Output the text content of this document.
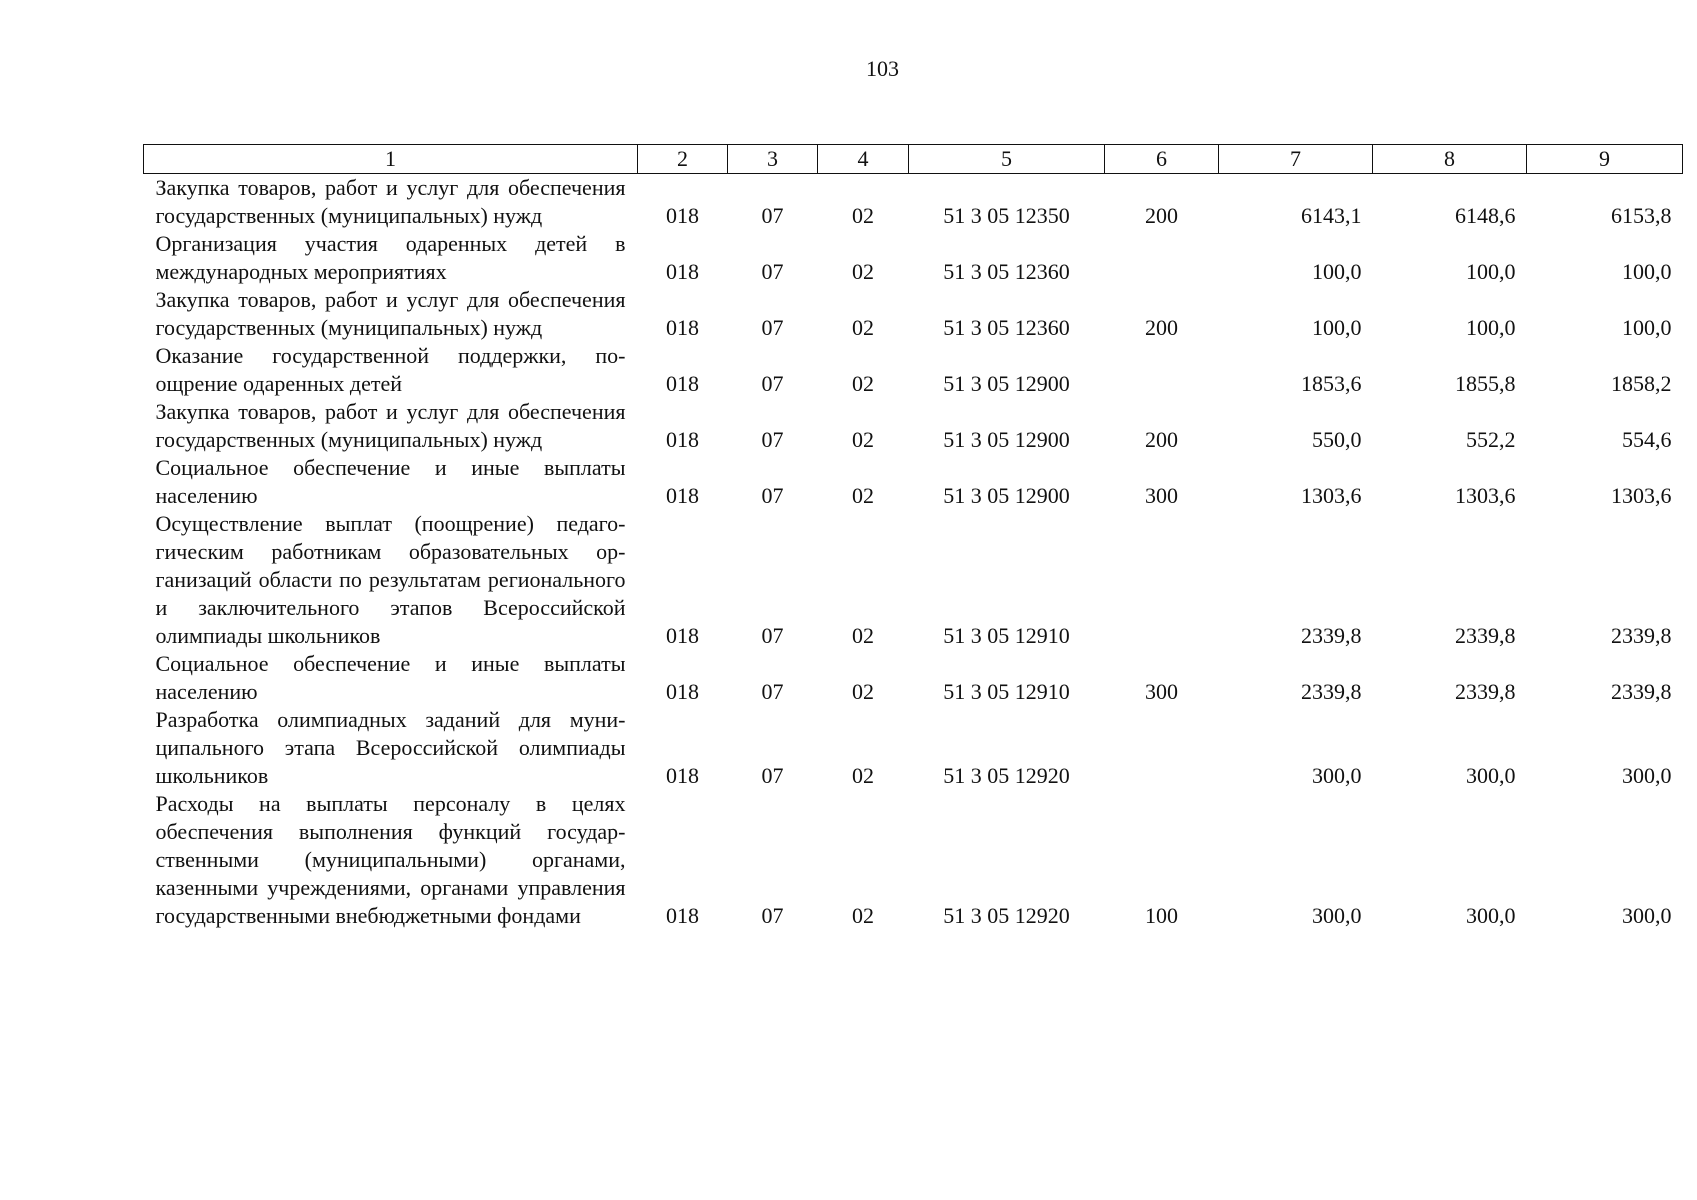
103
1	2	3	4	5	6	7	8	9
Закупка товаров, работ и услуг для обеспечения государственных (муниципальных) нужд	018	07	02	51 3 05 12350	200	6143,1	6148,6	6153,8
Организация участия одаренных детей в международных мероприятиях	018	07	02	51 3 05 12360		100,0	100,0	100,0
Закупка товаров, работ и услуг для обеспечения государственных (муниципальных) нужд	018	07	02	51 3 05 12360	200	100,0	100,0	100,0
Оказание государственной поддержки, поощрение одаренных детей	018	07	02	51 3 05 12900		1853,6	1855,8	1858,2
Закупка товаров, работ и услуг для обеспечения государственных (муниципальных) нужд	018	07	02	51 3 05 12900	200	550,0	552,2	554,6
Социальное обеспечение и иные выплаты населению	018	07	02	51 3 05 12900	300	1303,6	1303,6	1303,6
Осуществление выплат (поощрение) педагогическим работникам образовательных организаций области по результатам регионального и заключительного этапов Всероссийской олимпиады школьников	018	07	02	51 3 05 12910		2339,8	2339,8	2339,8
Социальное обеспечение и иные выплаты населению	018	07	02	51 3 05 12910	300	2339,8	2339,8	2339,8
Разработка олимпиадных заданий для муниципального этапа Всероссийской олимпиады школьников	018	07	02	51 3 05 12920		300,0	300,0	300,0
Расходы на выплаты персоналу в целях обеспечения выполнения функций государственными (муниципальными) органами, казенными учреждениями, органами управления государственными внебюджетными фондами	018	07	02	51 3 05 12920	100	300,0	300,0	300,0
